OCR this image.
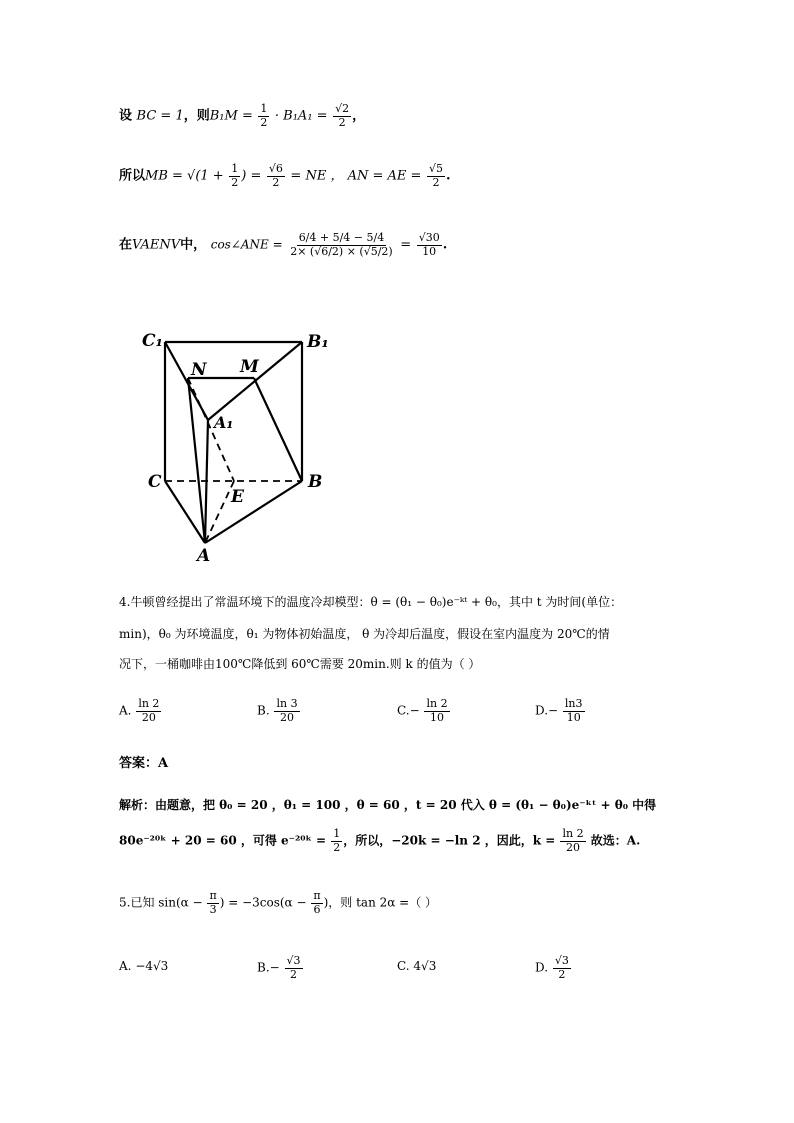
设 BC = 1，则$B_1M = \frac{1}{2} \cdot B_1A_1 = \frac{√2}{2}$ ，
所以MB = $√(1 + \frac{1}{2}$ ) = $\frac{√6}{2}$ = NE ， AN = AE = $\frac{√5}{2}$ .
在VAENV中， cos∠ANE = $\frac{6/4 + 5/4 - 5/4}{2\times (√6/2) \times (√5/2)} = \frac{√30}{10}$ .
C₁	B₁
N M
A₁
C	B
E
A
4.牛顿曾经提出了常温环境下的温度冷却模型：θ = (θ₁ − θ₀)e⁻ᵏᵗ + θ₀，其中 t 为时间(单位：
min)，θ₀ 为环境温度，θ₁ 为物体初始温度， θ 为冷却后温度，假设在室内温度为 20℃的情
况下，一桶咖啡由100℃降低到 60℃需要 20min.则 k 的值为（ ）
A. $\frac{\ln 2}{20}$	B. $\frac{\ln 3}{20}$	$C.- \frac{\ln 2}{10}$	$D.- \frac{\ln 3}{10}$
答案：A
解析：由题意，把 θ₀ = 20 ，θ₁ = 100 ，θ = 60 ，t = 20 代入 θ = (θ₁ − θ₀)e⁻ᵏᵗ + θ₀ 中得
80e⁻²⁰ᵏ + 20 = 60 ，可得 e⁻²⁰ᵏ = $\frac{1}{2}$ ，所以，−20k = −ln 2 ，因此，$k = \frac{\ln 2}{20}$ 故选：A.
5.已知 $\sin(\alpha - \frac{\pi}{3}$ ) = $-3\cos(\alpha - \frac{\pi}{6}$ )，则 tan 2α =（ ）
A. −4√3	$B.- \frac{√3}{2}$	C. 4√3	D. $\frac{√3}{2}$
